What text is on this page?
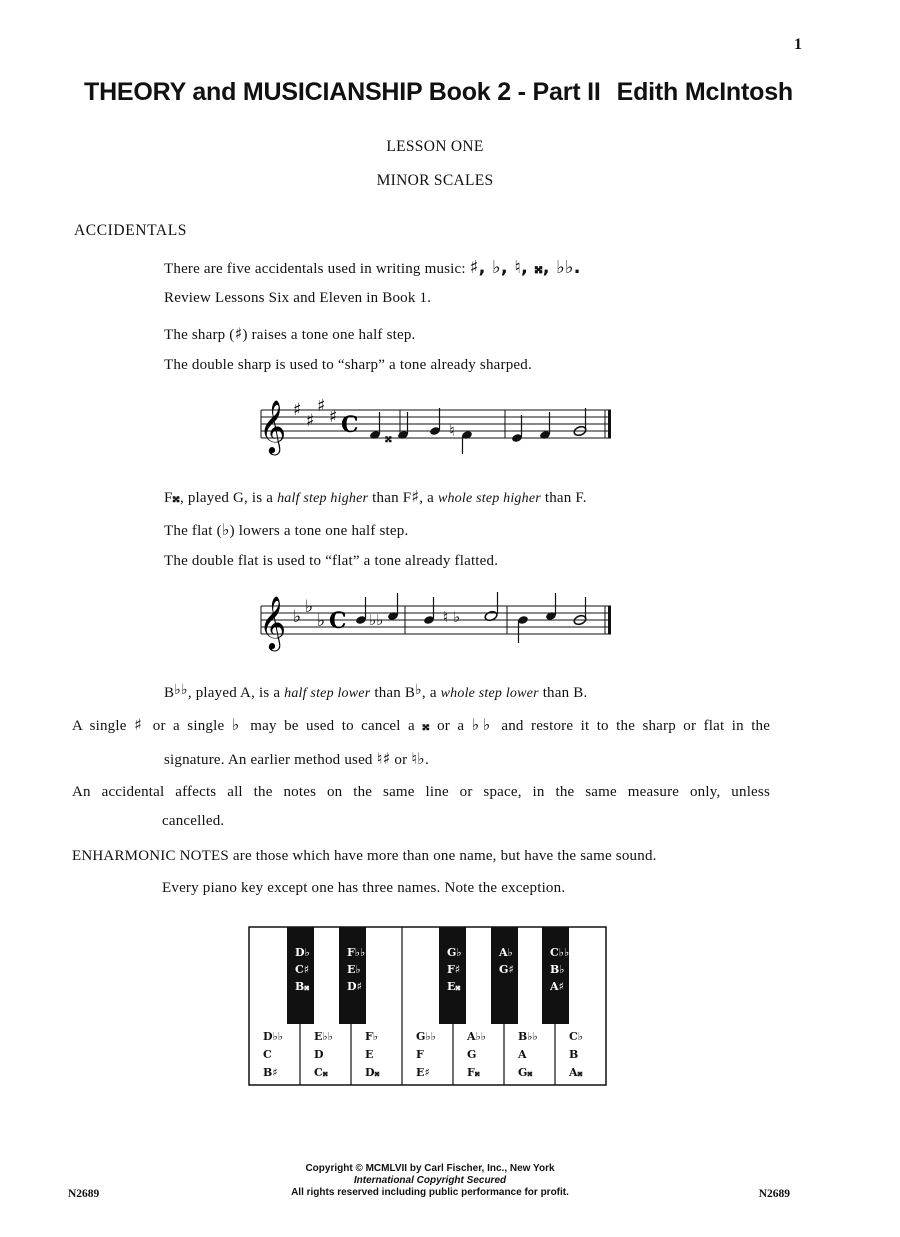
1
THEORY and MUSICIANSHIP Book 2 - Part II Edith McIntosh
LESSON ONE
MINOR SCALES
ACCIDENTALS
There are five accidentals used in writing music: ♯, ♭, ♮, 𝄪, ♭♭.
Review Lessons Six and Eleven in Book 1.
The sharp (♯) raises a tone one half step.
The double sharp is used to “sharp” a tone already sharped.
𝄞 ♯
♯
♯
♯ C 𝄪	♮
F𝄪, played G, is a half step higher than F♯, a whole step higher than F.
The flat (♭) lowers a tone one half step.
The double flat is used to “flat” a tone already flatted.
𝄞 ♭ ♭
♭ C ♭♭	♮ ♭
B♭♭, played A, is a half step lower than B♭, a whole step lower than B.
A single ♯ or a single ♭ may be used to cancel a 𝄪 or a ♭♭ and restore it to the sharp or flat in the
signature. An earlier method used ♮♯ or ♮♭.
An accidental affects all the notes on the same line or space, in the same measure only, unless
cancelled.
ENHARMONIC NOTES are those which have more than one name, but have the same sound.
Every piano key except one has three names. Note the exception.
D♭
C♯
B𝄪
F♭♭
E♭
D♯
G♭
F♯
E𝄪
A♭
G♯
C♭♭
B♭
A♯
D♭♭
C
B♯
E♭♭
D
C𝄪
F♭
E
D𝄪
G♭♭
F
E♯
A♭♭
G
F𝄪
B♭♭
A
G𝄪
C♭
B
A𝄪
Copyright © MCMLVII by Carl Fischer, Inc., New York
International Copyright Secured
All rights reserved including public performance for profit.
N2689	N2689
